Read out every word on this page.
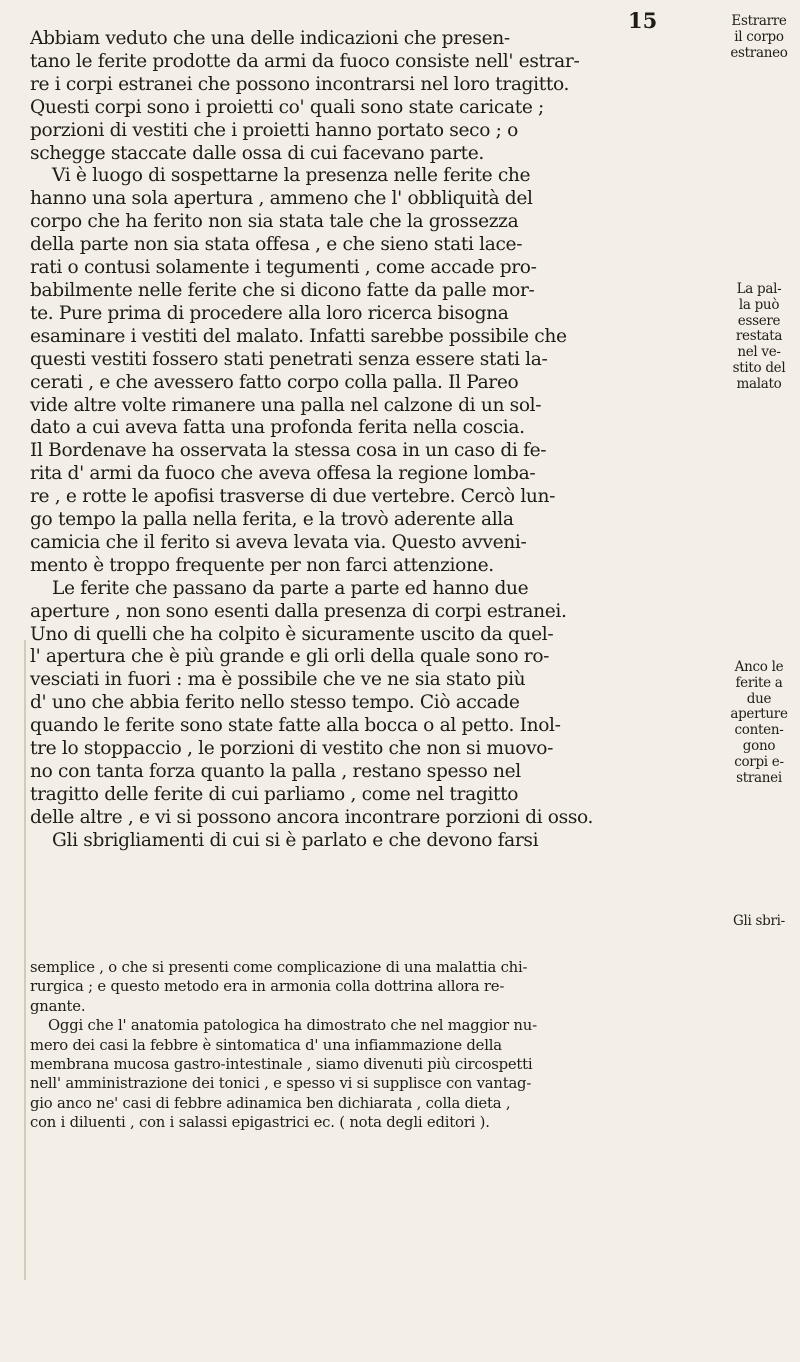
15

Abbiam veduto che una delle indicazioni che presen-
tano le ferite prodotte da armi da fuoco consiste nell' estrar-
re i corpi estranei che possono incontrarsi nel loro tragitto.
Questi corpi sono i proietti co' quali sono state caricate ;
porzioni di vestiti che i proietti hanno portato seco ; o
schegge staccate dalle ossa di cui facevano parte.

Vi è luogo di sospettarne la presenza nelle ferite che
hanno una sola apertura , ammeno che l' obbliquità del
corpo che ha ferito non sia stata tale che la grossezza
della parte non sia stata offesa , e che sieno stati lace-
rati o contusi solamente i tegumenti , come accade pro-
babilmente nelle ferite che si dicono fatte da palle mor-
te. Pure prima di procedere alla loro ricerca bisogna
esaminare i vestiti del malato. Infatti sarebbe possibile che
questi vestiti fossero stati penetrati senza essere stati la-
cerati , e che avessero fatto corpo colla palla. Il Pareo
vide altre volte rimanere una palla nel calzone di un sol-
dato a cui aveva fatta una profonda ferita nella coscia.
Il Bordenave ha osservata la stessa cosa in un caso di fe-
rita d' armi da fuoco che aveva offesa la regione lomba-
re , e rotte le apofisi trasverse di due vertebre. Cercò lun-
go tempo la palla nella ferita, e la trovò aderente alla
camicia che il ferito si aveva levata via. Questo avveni-
mento è troppo frequente per non farci attenzione.

Le ferite che passano da parte a parte ed hanno due
aperture , non sono esenti dalla presenza di corpi estranei.
Uno di quelli che ha colpito è sicuramente uscito da quel-
l' apertura che è più grande e gli orli della quale sono ro-
vesciati in fuori : ma è possibile che ve ne sia stato più
d' uno che abbia ferito nello stesso tempo. Ciò accade
quando le ferite sono state fatte alla bocca o al petto. Inol-
tre lo stoppaccio , le porzioni di vestito che non si muovo-
no con tanta forza quanto la palla , restano spesso nel
tragitto delle ferite di cui parliamo , come nel tragitto
delle altre , e vi si possono ancora incontrare porzioni di osso.

Gli sbrigliamenti di cui si è parlato e che devono farsi

Estrarre
il corpo
estraneo
La pal-
la può
essere
restata
nel ve-
stito del
malato
Anco le
ferite a
due
aperture
conten-
gono
corpi e-
stranei
Gli sbri-

semplice , o che si presenti come complicazione di una malattia chi-
rurgica ; e questo metodo era in armonia colla dottrina allora re-
gnante.

Oggi che l' anatomia patologica ha dimostrato che nel maggior nu-
mero dei casi la febbre è sintomatica d' una infiammazione della
membrana mucosa gastro-intestinale , siamo divenuti più circospetti
nell' amministrazione dei tonici , e spesso vi si supplisce con vantag-
gio anco ne' casi di febbre adinamica ben dichiarata , colla dieta ,
con i diluenti , con i salassi epigastrici ec. ( nota degli editori ).
